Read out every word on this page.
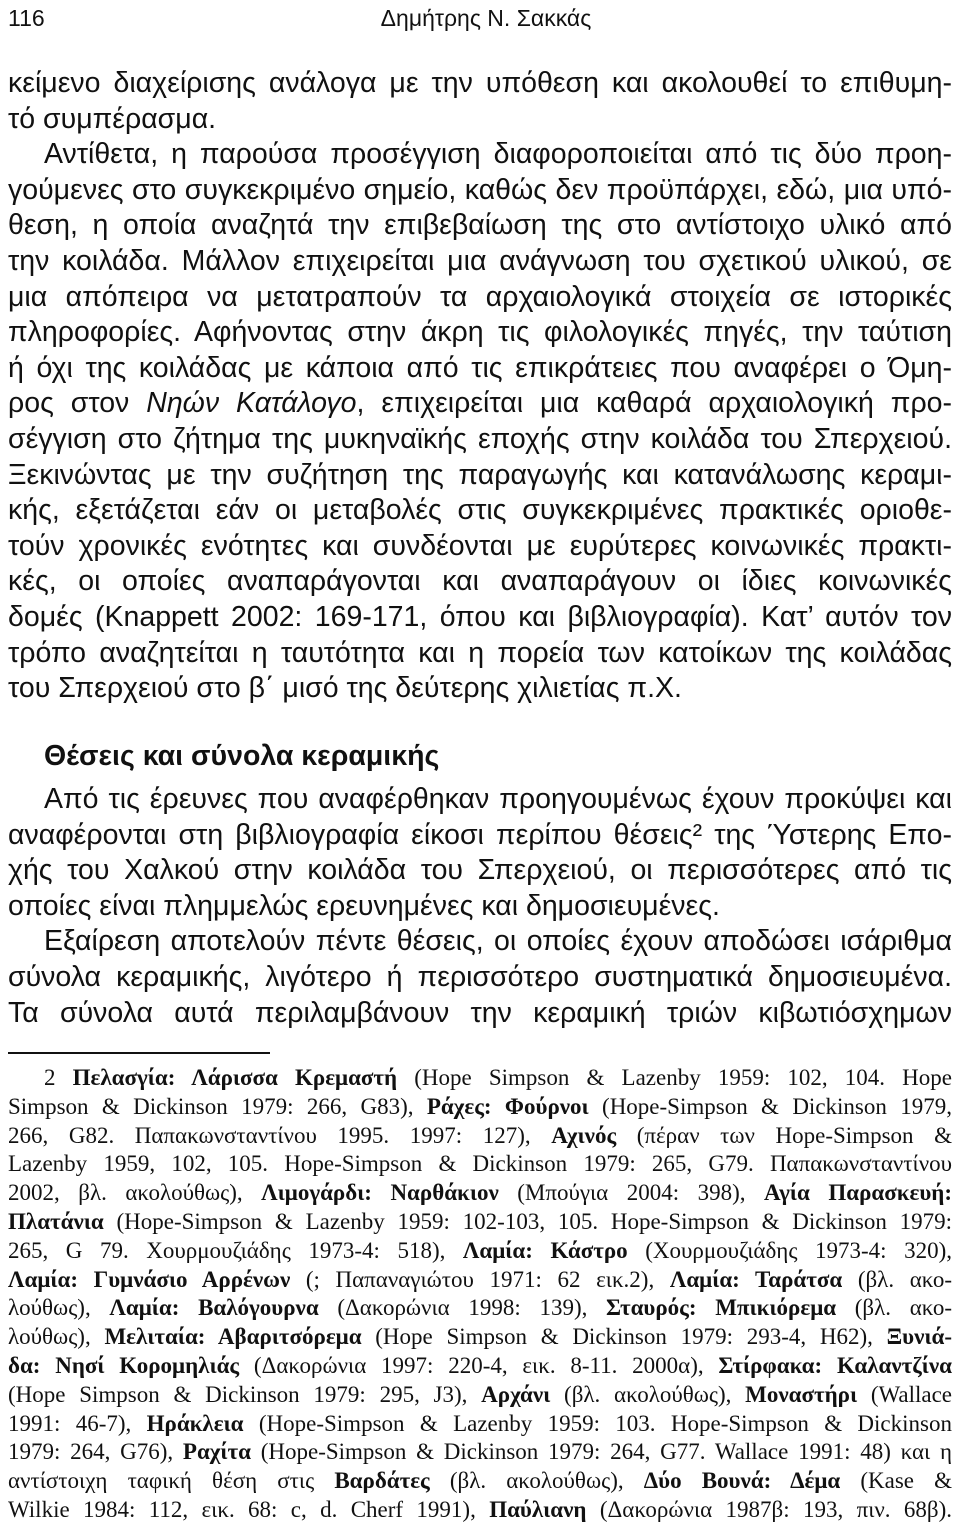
116	Δημήτρης Ν. Σακκάς
κείμενο διαχείρισης ανάλογα με την υπόθεση και ακολουθεί το επιθυμη-
τό συμπέρασμα.
Αντίθετα, η παρούσα προσέγγιση διαφοροποιείται από τις δύο προη-
γούμενες στο συγκεκριμένο σημείο, καθώς δεν προϋπάρχει, εδώ, μια υπό-
θεση, η οποία αναζητά την επιβεβαίωση της στο αντίστοιχο υλικό από
την κοιλάδα. Μάλλον επιχειρείται μια ανάγνωση του σχετικού υλικού, σε
μια απόπειρα να μετατραπούν τα αρχαιολογικά στοιχεία σε ιστορικές
πληροφορίες. Αφήνοντας στην άκρη τις φιλολογικές πηγές, την ταύτιση
ή όχι της κοιλάδας με κάποια από τις επικράτειες που αναφέρει ο Όμη-
ρος στον Νηών Κατάλογο, επιχειρείται μια καθαρά αρχαιολογική προ-
σέγγιση στο ζήτημα της μυκηναϊκής εποχής στην κοιλάδα του Σπερχειού.
Ξεκινώντας με την συζήτηση της παραγωγής και κατανάλωσης κεραμι-
κής, εξετάζεται εάν οι μεταβολές στις συγκεκριμένες πρακτικές οριοθε-
τούν χρονικές ενότητες και συνδέονται με ευρύτερες κοινωνικές πρακτι-
κές, οι οποίες αναπαράγονται και αναπαράγουν οι ίδιες κοινωνικές
δομές (Knappett 2002: 169-171, όπου και βιβλιογραφία). Κατ’ αυτόν τον
τρόπο αναζητείται η ταυτότητα και η πορεία των κατοίκων της κοιλάδας
του Σπερχειού στο β΄ μισό της δεύτερης χιλιετίας π.Χ.
Θέσεις και σύνολα κεραμικής
Από τις έρευνες που αναφέρθηκαν προηγουμένως έχουν προκύψει και
αναφέρονται στη βιβλιογραφία είκοσι περίπου θέσεις² της Ύστερης Επο-
χής του Χαλκού στην κοιλάδα του Σπερχειού, οι περισσότερες από τις
οποίες είναι πλημμελώς ερευνημένες και δημοσιευμένες.
Εξαίρεση αποτελούν πέντε θέσεις, οι οποίες έχουν αποδώσει ισάριθμα
σύνολα κεραμικής, λιγότερο ή περισσότερο συστηματικά δημοσιευμένα.
Τα σύνολα αυτά περιλαμβάνουν την κεραμική τριών κιβωτιόσχημων
2 Πελασγία: Λάρισσα Κρεμαστή (Hope Simpson & Lazenby 1959: 102, 104. Hope
Simpson & Dickinson 1979: 266, G83), Ράχες: Φούρνοι (Hope-Simpson & Dickinson 1979,
266, G82. Παπακωνσταντίνου 1995. 1997: 127), Αχινός (πέραν των Hope-Simpson &
Lazenby 1959, 102, 105. Hope-Simpson & Dickinson 1979: 265, G79. Παπακωνσταντίνου
2002, βλ. ακολούθως), Λιμογάρδι: Ναρθάκιον (Μπούγια 2004: 398), Αγία Παρασκευή:
Πλατάνια (Hope-Simpson & Lazenby 1959: 102-103, 105. Hope-Simpson & Dickinson 1979:
265, G 79. Χουρμουζιάδης 1973-4: 518), Λαμία: Κάστρο (Χουρμουζιάδης 1973-4: 320),
Λαμία: Γυμνάσιο Αρρένων (; Παπαναγιώτου 1971: 62 εικ.2), Λαμία: Ταράτσα (βλ. ακο-
λούθως), Λαμία: Βαλόγουρνα (Δακορώνια 1998: 139), Σταυρός: Μπικιόρεμα (βλ. ακο-
λούθως), Μελιταία: Αβαριτσόρεμα (Hope Simpson & Dickinson 1979: 293-4, H62), Ξυνιά-
δα: Νησί Κορομηλιάς (Δακορώνια 1997: 220-4, εικ. 8-11. 2000α), Στίρφακα: Καλαντζίνα
(Hope Simpson & Dickinson 1979: 295, J3), Αρχάνι (βλ. ακολούθως), Μοναστήρι (Wallace
1991: 46-7), Ηράκλεια (Hope-Simpson & Lazenby 1959: 103. Hope-Simpson & Dickinson
1979: 264, G76), Ραχίτα (Hope-Simpson & Dickinson 1979: 264, G77. Wallace 1991: 48) και η
αντίστοιχη ταφική θέση στις Βαρδάτες (βλ. ακολούθως), Δύο Βουνά: Δέμα (Kase &
Wilkie 1984: 112, εικ. 68: c, d. Cherf 1991), Παύλιανη (Δακορώνια 1987β: 193, πιν. 68β).
